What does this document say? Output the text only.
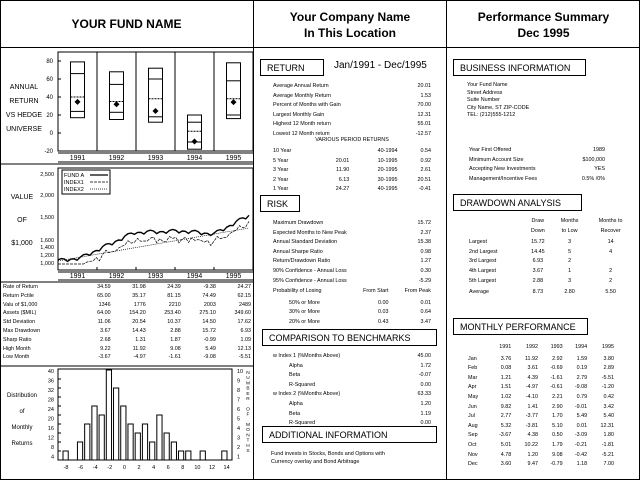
YOUR FUND NAME	Your Company Name
In This Location
Performance Summary
Dec 1995
80
60
40
20
0
-20
ANNUAL
RETURN
VS HEDGE
UNIVERSE
1991	1992	1993	1994	1995
2,500
2,000
1,500
1,600
1,400
1,200
1,000
VALUE
OF
$1,000
FUND A
INDEX1
INDEX2
1991	1992	1993	1994	1995
40
36
32
28
24
20
16
12
8
4
10
9
8
7
6
5
4
3
2
1
Distribution
of
Monthly
Returns
N
U
M
B
E
R
O
F
M
O
N
T
H
S
-8 -6 -4 -2 0 2 4 6 8 10 12 14
Rate of Return	34.59	31.98	24.39	-9.38	24.27
Return Pctile	65.00	35.17	81.15	74.49	62.15
Valu of $1,000	1346	1776	2210	2003	2489
Assets ($MIL)	64.00	154.20	253.40	275.10	349.60
Std Deviation	11.06	20.54	10.37	14.50	17.62
Max Drawdown	3.67	14.43	2.88	15.72	6.93
Sharp Ratio	2.68	1.31	1.87	-0.99	1.09
High Month	9.22	11.92	9.08	5.49	12.13
Low Month	-3.67	-4.97	-1.61	-9.08	-5.51
RETURN	Jan/1991 - Dec/1995
Average Annual Return	20.01
Average Monthly Return	1.53
Percent of Months with Gain	70.00
Largest Monthly Gain	12.31
Highest 12 Month return	55.01
Lowest 12 Month return	-12.57
VARIOUS PERIOD RETURNS
10 Year		40-1994	0.54
5 Year	20.01	10-1995	0.92
3 Year	11.90	20-1995	2.61
2 Year	6.13	30-1995	20.51
1 Year	24.27	40-1995	-0.41
RISK
Maximum Drawdown	15.72
Expected Months to New Peak	2.37
Annual Standard Deviation	15.38
Annual Sharpe Ratio	0.98
Return/Drawdown Ratio	1.27
90% Confidence - Annual Loss	0.30
95% Confidence - Annual Loss	-5.29
Probability of Losing	From Start	From Peak

50% or More	0.00	0.01
30% or More	0.03	0.64
20% or More	0.43	3.47
COMPARISON TO BENCHMARKS
w Index 1 (%Months Above)	45.00
Alpha	1.72
Beta	-0.07
R-Squared	0.00
w Index 2 (%Months Above)	63.33
Alpha	1.20
Beta	1.19
R-Squared	0.00
ADDITIONAL INFORMATION
Fund invests in Stocks, Bonds and Options with
Currency overlay and Bond Arbitrage
BUSINESS INFORMATION
Your Fund Name
Street Address
Suite Number
City Name, ST ZIP-CODE
TEL: (212)555-1212
Year First Offered	1989
Minimum Account Size	$100,000
Accepting New Investments	YES
Management/Incentive Fees	0.5% /0%
DRAWDOWN ANALYSIS
	Draw	Months	Months to
	Down	to Low	Recover

Largest	15.72	3	14
2nd Largest	14.45	5	4
3rd Largest	6.93	2	
4th Largest	3.67	1	2
5th Largest	2.88	3	2

Average	8.73	2.80	5.50
MONTHLY PERFORMANCE
	1991	1992	1993	1994	1995

Jan	3.76	11.92	2.92	1.59	3.80
Feb	0.08	3.61	-0.69	0.19	2.89
Mar	1.21	4.39	-1.61	2.79	-5.51
Apr	1.51	-4.97	-0.61	-9.08	-1.20
May	1.02	-4.10	2.21	0.79	0.42
Jun	9.82	1.41	2.90	-9.01	3.42
Jul	2.77	-3.77	1.70	5.49	5.40
Aug	5.32	-3.81	5.10	0.01	12.31
Sep	-3.67	4.38	0.50	-3.09	1.80
Oct	5.01	10.22	1.79	-0.21	-1.81
Nov	4.78	1.20	9.08	-0.42	-5.21
Dec	3.60	9.47	-0.79	1.18	7.00
